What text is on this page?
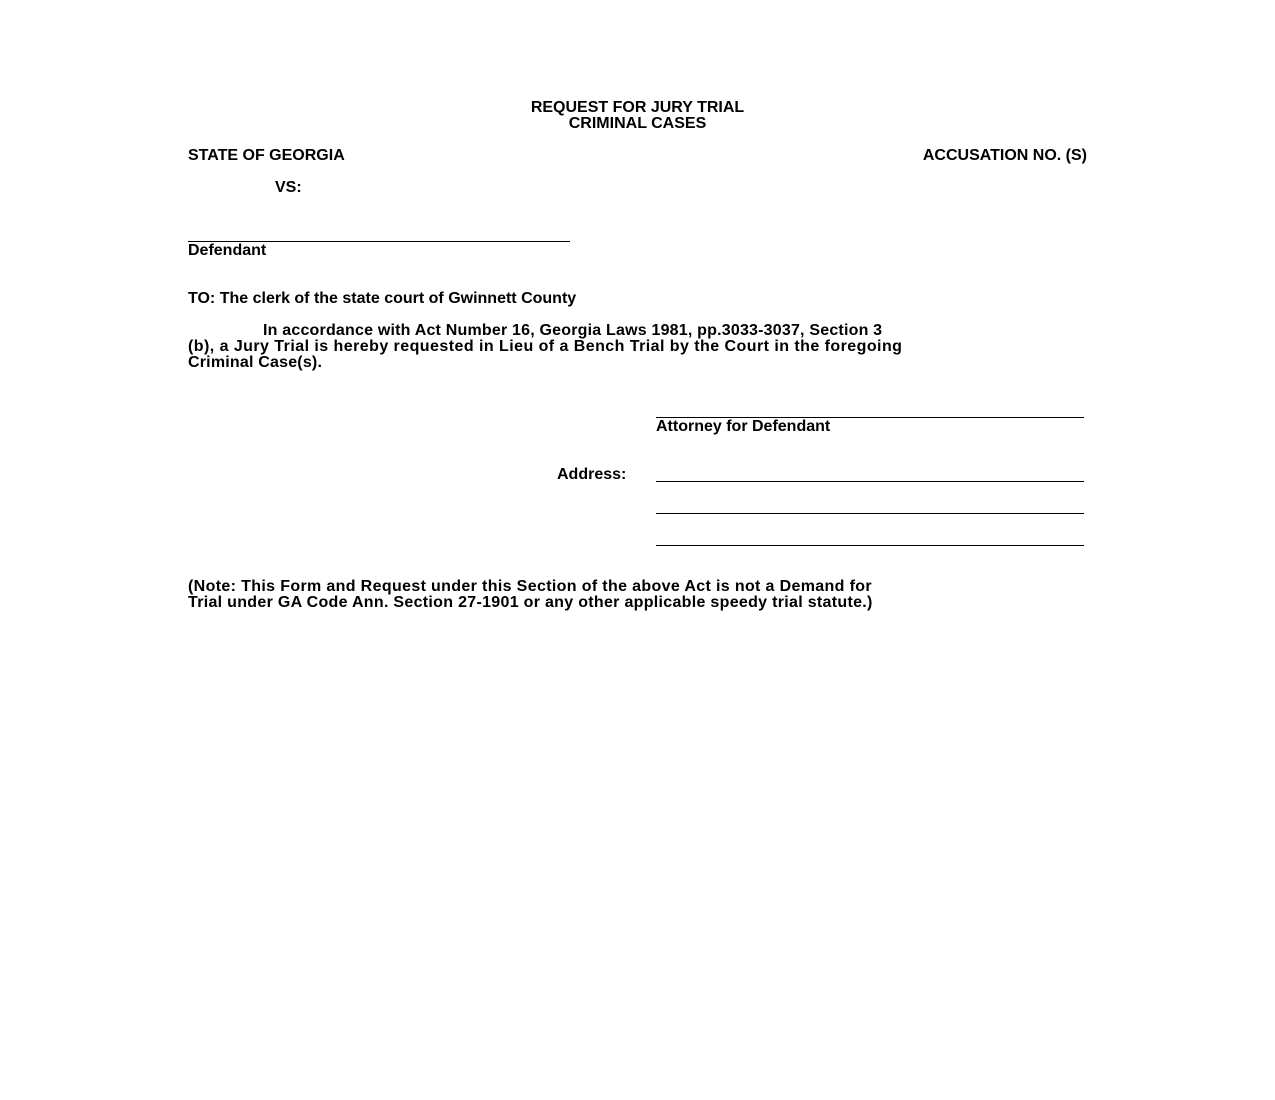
REQUEST FOR JURY TRIAL
CRIMINAL CASES
STATE OF GEORGIA	ACCUSATION NO. (S)
VS:
Defendant
TO: The clerk of the state court of Gwinnett County
In accordance with Act Number 16, Georgia Laws 1981, pp.3033-3037, Section 3
(b), a Jury Trial is hereby requested in Lieu of a Bench Trial by the Court in the foregoing
Criminal Case(s).
Attorney for Defendant
Address:
(Note: This Form and Request under this Section of the above Act is not a Demand for
Trial under GA Code Ann. Section 27-1901 or any other applicable speedy trial statute.)
